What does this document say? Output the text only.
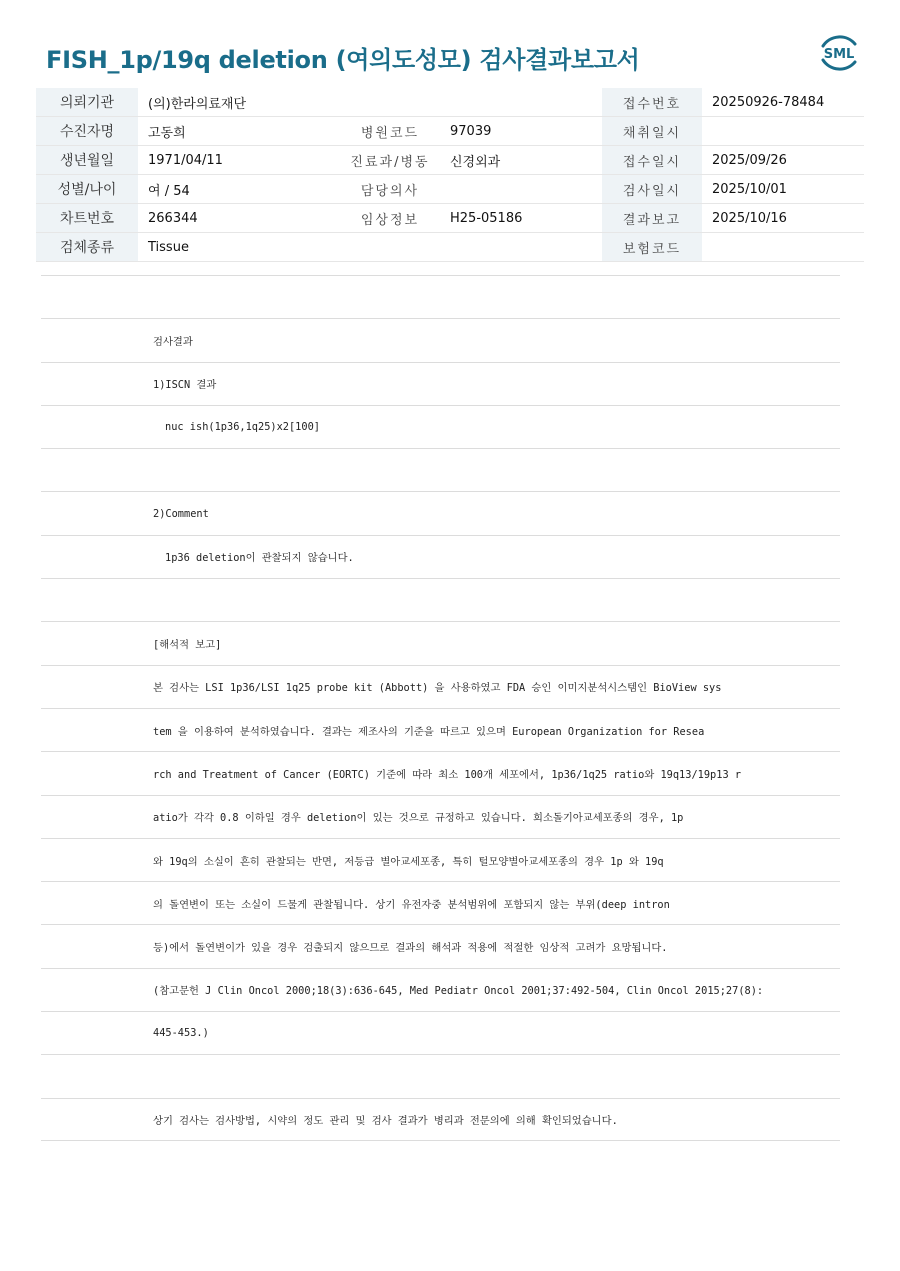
FISH_1p/19q deletion (여의도성모) 검사결과보고서	SML
의뢰기관	(의)한라의료재단			접수번호	20250926-78484
수진자명	고동희	병원코드	97039	채취일시	
생년월일	1971/04/11	진료과/병동	신경외과	접수일시	2025/09/26
성별/나이	여 / 54	담당의사		검사일시	2025/10/01
차트번호	266344	임상정보	H25-05186	결과보고	2025/10/16
검체종류	Tissue			보험코드	
검사결과
1)ISCN 결과
nuc ish(1p36,1q25)x2[100]
2)Comment
1p36 deletion이 관찰되지 않습니다.
[해석적 보고]
본 검사는 LSI 1p36/LSI 1q25 probe kit (Abbott) 을 사용하였고 FDA 승인 이미지분석시스템인 BioView sys
tem 을 이용하여 분석하였습니다. 결과는 제조사의 기준을 따르고 있으며 European Organization for Resea
rch and Treatment of Cancer (EORTC) 기준에 따라 최소 100개 세포에서, 1p36/1q25 ratio와 19q13/19p13 r
atio가 각각 0.8 이하일 경우 deletion이 있는 것으로 규정하고 있습니다. 희소돌기아교세포종의 경우, 1p
와 19q의 소실이 흔히 관찰되는 반면, 저등급 별아교세포종, 특히 털모양별아교세포종의 경우 1p 와 19q
의 돌연변이 또는 소실이 드물게 관찰됩니다. 상기 유전자중 분석범위에 포함되지 않는 부위(deep intron
등)에서 돌연변이가 있을 경우 검출되지 않으므로 결과의 해석과 적용에 적절한 임상적 고려가 요망됩니다.
(참고문헌 J Clin Oncol 2000;18(3):636-645, Med Pediatr Oncol 2001;37:492-504, Clin Oncol 2015;27(8):
445-453.)
상기 검사는 검사방법, 시약의 정도 관리 및 검사 결과가 병리과 전문의에 의해 확인되었습니다.
